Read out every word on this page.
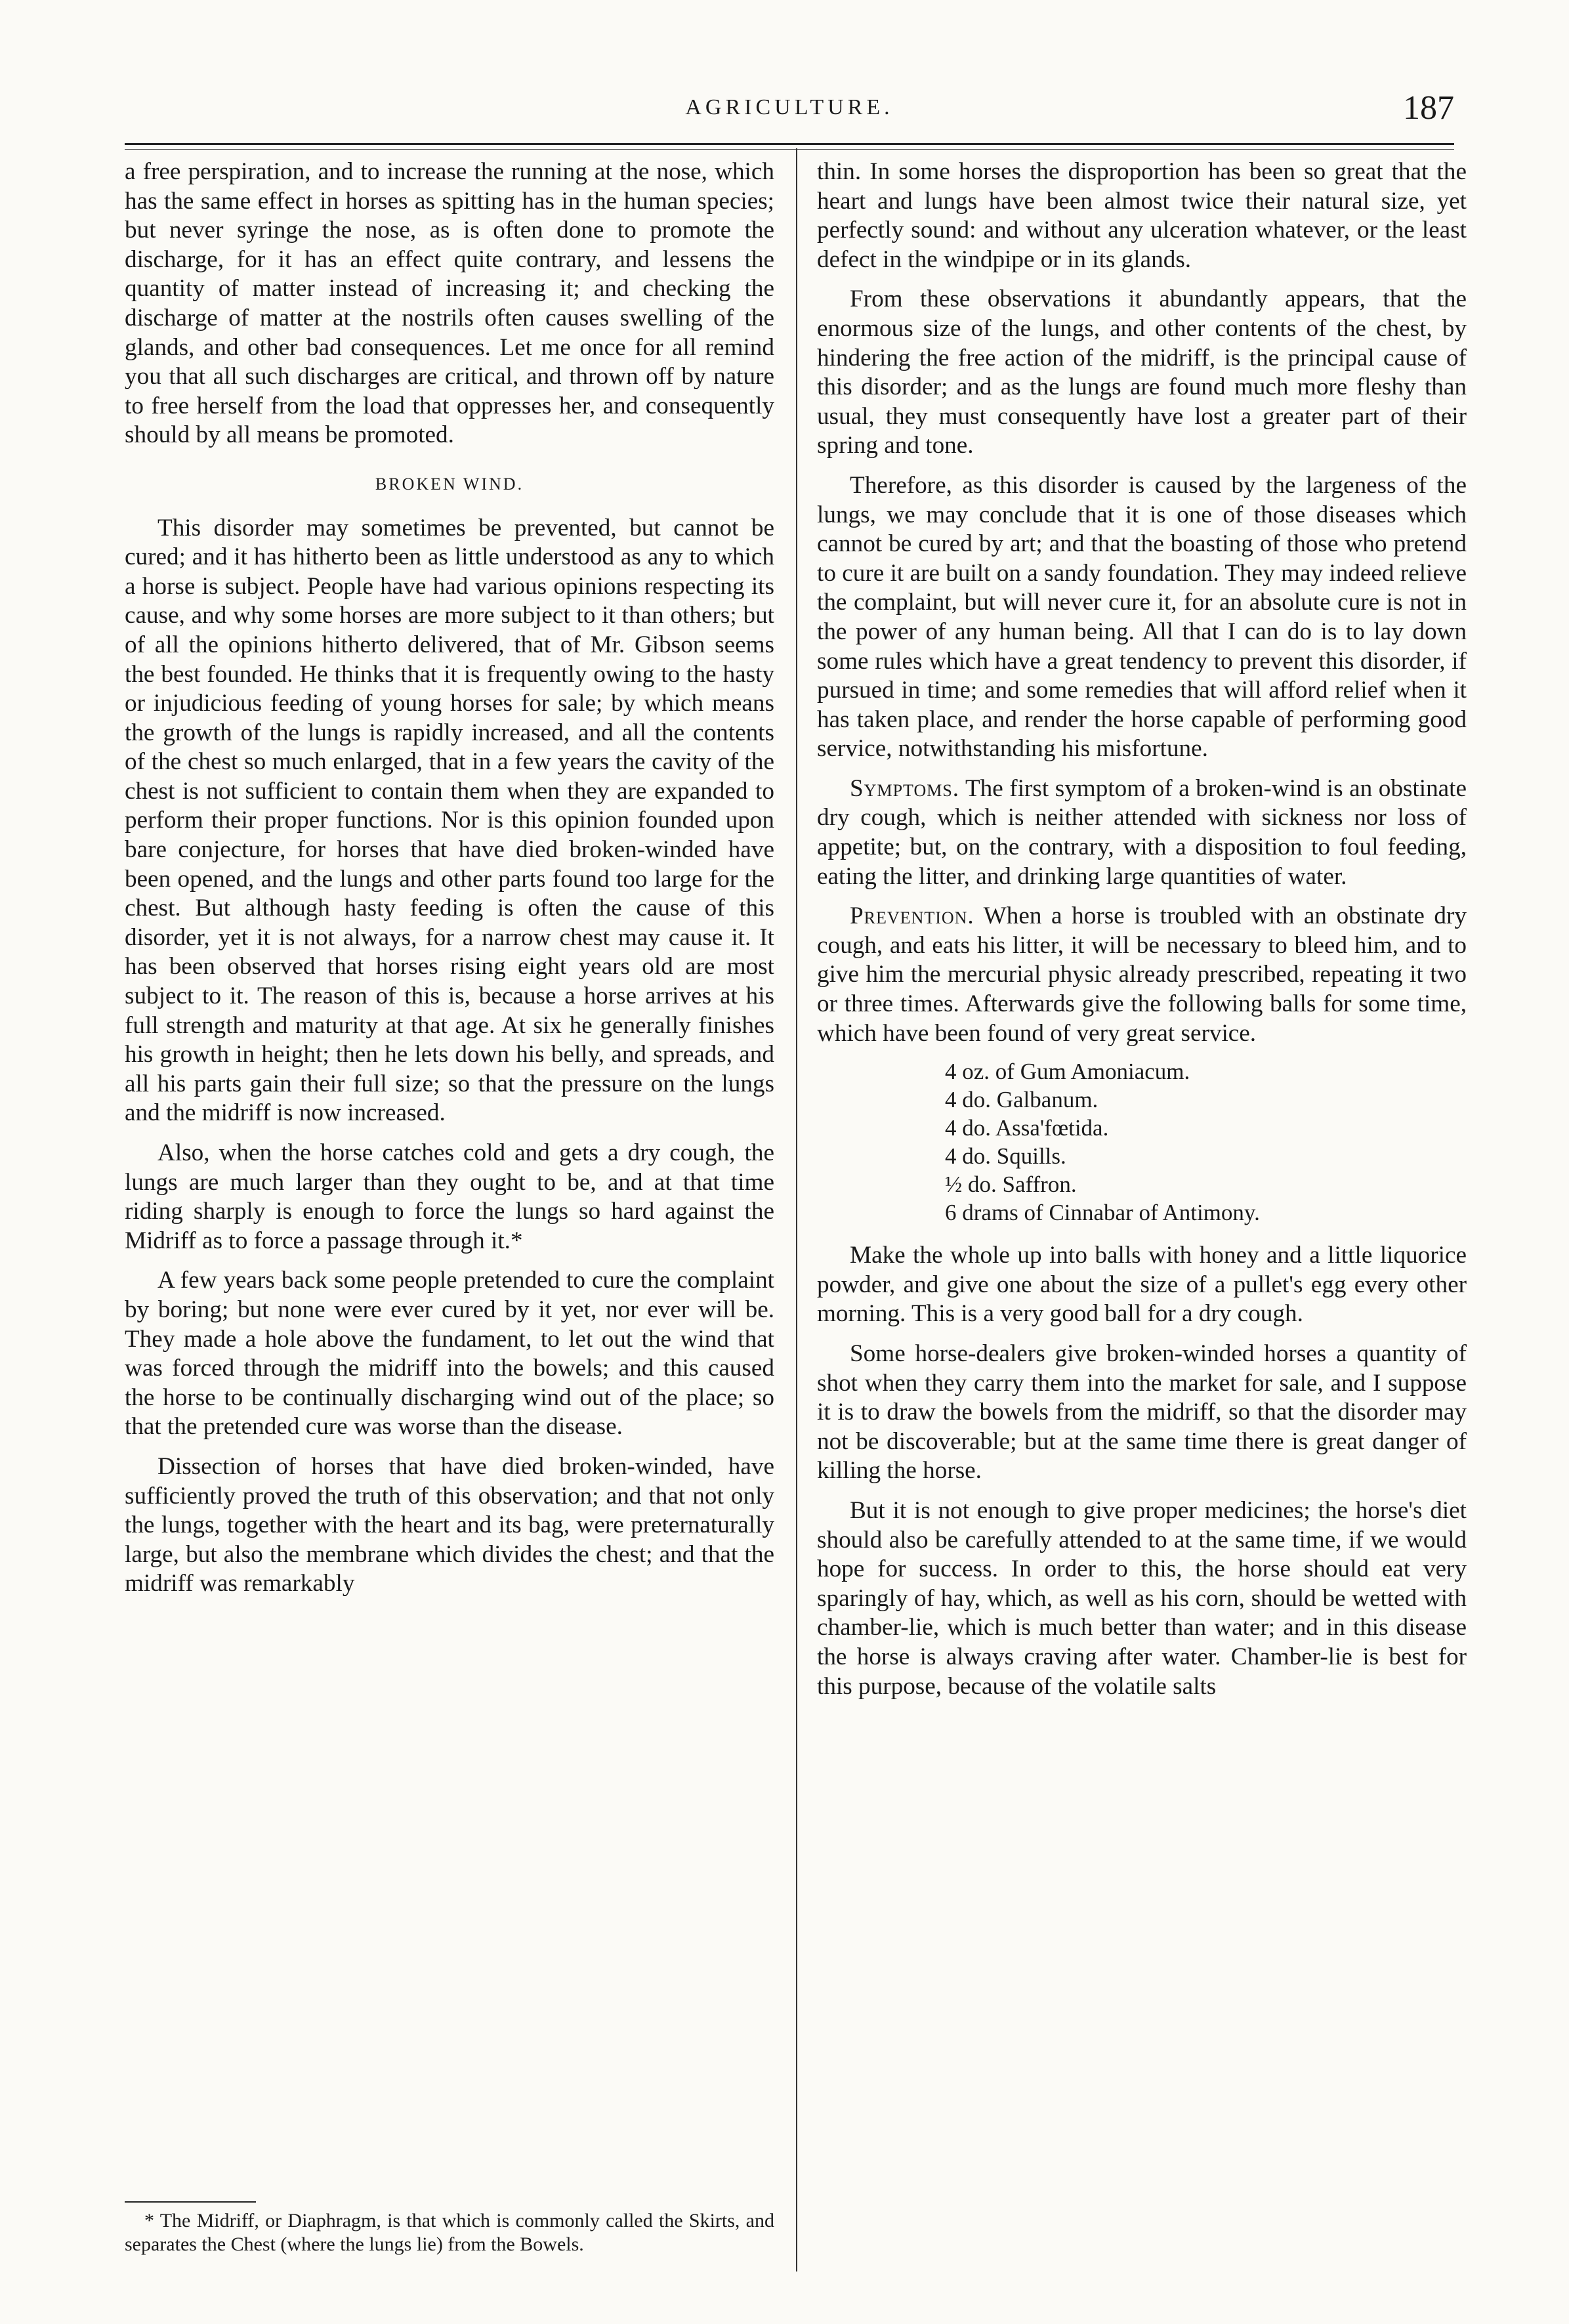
AGRICULTURE.	187

a free perspiration, and to increase the running at the nose, which has the same effect in horses as spitting has in the human species; but never syringe the nose, as is often done to promote the discharge, for it has an effect quite contrary, and lessens the quantity of matter instead of increasing it; and checking the discharge of matter at the nostrils often causes swelling of the glands, and other bad consequences. Let me once for all remind you that all such discharges are critical, and thrown off by nature to free herself from the load that oppresses her, and consequently should by all means be promoted.

BROKEN WIND.

This disorder may sometimes be prevented, but cannot be cured; and it has hitherto been as little understood as any to which a horse is subject. People have had various opinions respecting its cause, and why some horses are more subject to it than others; but of all the opinions hitherto delivered, that of Mr. Gibson seems the best founded. He thinks that it is frequently owing to the hasty or injudicious feeding of young horses for sale; by which means the growth of the lungs is rapidly increased, and all the contents of the chest so much enlarged, that in a few years the cavity of the chest is not sufficient to contain them when they are expanded to perform their proper functions. Nor is this opinion founded upon bare conjecture, for horses that have died broken-winded have been opened, and the lungs and other parts found too large for the chest. But although hasty feeding is often the cause of this disorder, yet it is not always, for a narrow chest may cause it. It has been observed that horses rising eight years old are most subject to it. The reason of this is, because a horse arrives at his full strength and maturity at that age. At six he generally finishes his growth in height; then he lets down his belly, and spreads, and all his parts gain their full size; so that the pressure on the lungs and the midriff is now increased.

Also, when the horse catches cold and gets a dry cough, the lungs are much larger than they ought to be, and at that time riding sharply is enough to force the lungs so hard against the Midriff as to force a passage through it.*

A few years back some people pretended to cure the complaint by boring; but none were ever cured by it yet, nor ever will be. They made a hole above the fundament, to let out the wind that was forced through the midriff into the bowels; and this caused the horse to be continually discharging wind out of the place; so that the pretended cure was worse than the disease.

Dissection of horses that have died broken-winded, have sufficiently proved the truth of this observation; and that not only the lungs, together with the heart and its bag, were preternaturally large, but also the membrane which divides the chest; and that the midriff was remarkably

* The Midriff, or Diaphragm, is that which is commonly called the Skirts, and separates the Chest (where the lungs lie) from the Bowels.

thin. In some horses the disproportion has been so great that the heart and lungs have been almost twice their natural size, yet perfectly sound: and without any ulceration whatever, or the least defect in the windpipe or in its glands.

From these observations it abundantly appears, that the enormous size of the lungs, and other contents of the chest, by hindering the free action of the midriff, is the principal cause of this disorder; and as the lungs are found much more fleshy than usual, they must consequently have lost a greater part of their spring and tone.

Therefore, as this disorder is caused by the largeness of the lungs, we may conclude that it is one of those diseases which cannot be cured by art; and that the boasting of those who pretend to cure it are built on a sandy foundation. They may indeed relieve the complaint, but will never cure it, for an absolute cure is not in the power of any human being. All that I can do is to lay down some rules which have a great tendency to prevent this disorder, if pursued in time; and some remedies that will afford relief when it has taken place, and render the horse capable of performing good service, notwithstanding his misfortune.

Symptoms. The first symptom of a broken-wind is an obstinate dry cough, which is neither attended with sickness nor loss of appetite; but, on the contrary, with a disposition to foul feeding, eating the litter, and drinking large quantities of water.

Prevention. When a horse is troubled with an obstinate dry cough, and eats his litter, it will be necessary to bleed him, and to give him the mercurial physic already prescribed, repeating it two or three times. Afterwards give the following balls for some time, which have been found of very great service.

4 oz. of Gum Amoniacum.
4 do. Galbanum.
4 do. Assa'fœtida.
4 do. Squills.
½ do. Saffron.
6 drams of Cinnabar of Antimony.

Make the whole up into balls with honey and a little liquorice powder, and give one about the size of a pullet's egg every other morning. This is a very good ball for a dry cough.

Some horse-dealers give broken-winded horses a quantity of shot when they carry them into the market for sale, and I suppose it is to draw the bowels from the midriff, so that the disorder may not be discoverable; but at the same time there is great danger of killing the horse.

But it is not enough to give proper medicines; the horse's diet should also be carefully attended to at the same time, if we would hope for success. In order to this, the horse should eat very sparingly of hay, which, as well as his corn, should be wetted with chamber-lie, which is much better than water; and in this disease the horse is always craving after water. Chamber-lie is best for this purpose, because of the volatile salts
